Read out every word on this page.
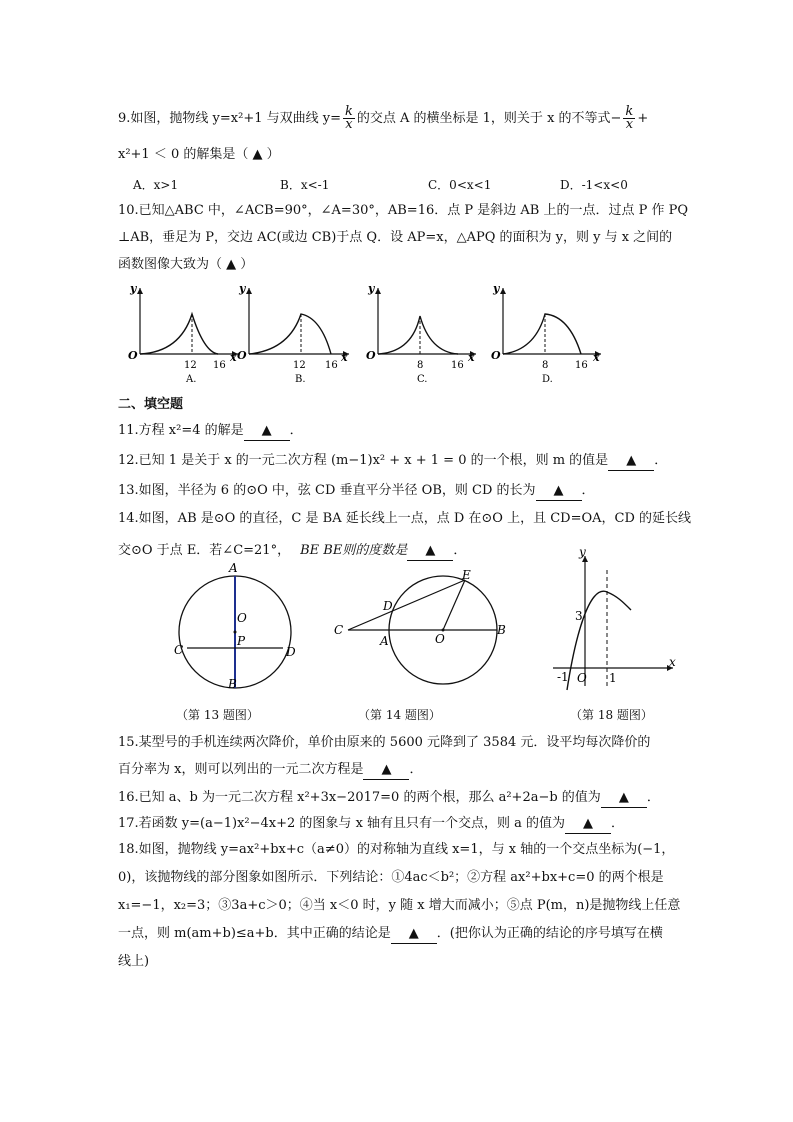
9.如图，抛物线 y=x²+1 与双曲线 $y= \frac{k}{x}$ 的交点 A 的横坐标是 1，则关于 x 的不等式− $\frac{k}{x}$ +
x²+1 ＜ 0 的解集是（ ▲ ）
A．x>1	B．x<-1	C．0<x<1	D．-1<x<0
10.已知△ABC 中，∠ACB=90°，∠A=30°，AB=16．点 P 是斜边 AB 上的一点．过点 P 作 PQ
⊥AB，垂足为 P，交边 AC(或边 CB)于点 Q．设 AP=x，△APQ 的面积为 y，则 y 与 x 之间的
函数图像大致为（ ▲ ）
y
O	x
12 16
A.
y
O	x
12 16
B.
y
O	x
8	16
C.
y
O	x
8	16
D.
二、填空题
11.方程 x²=4 的解是 ▲ ．
12.已知 1 是关于 x 的一元二次方程 (m−1)x² + x + 1 = 0 的一个根，则 m 的值是 ▲ ．
13.如图，半径为 6 的⊙O 中，弦 CD 垂直平分半径 OB，则 CD 的长为 ▲ ．
14.如图，AB 是⊙O 的直径，C 是 BA 延长线上一点，点 D 在⊙O 上，且 CD=OA，CD 的延长线
交⊙O 于点 E．若∠C=21°， BE BE则的度数是 ▲ ．
A
O
P
C	D
B
（第 13 题图）
C
A
D
O
B
E
（第 14 题图）
y
x
3
-1 O 1
（第 18 题图）
15.某型号的手机连续两次降价，单价由原来的 5600 元降到了 3584 元．设平均每次降价的
百分率为 x，则可以列出的一元二次方程是 ▲ ．
16.已知 a、b 为一元二次方程 x²+3x−2017=0 的两个根，那么 a²+2a−b 的值为 ▲ ．
17.若函数 y=(a−1)x²−4x+2 的图象与 x 轴有且只有一个交点，则 a 的值为 ▲ ．
18.如图，抛物线 y=ax²+bx+c（a≠0）的对称轴为直线 x=1，与 x 轴的一个交点坐标为(−1，
0)，该抛物线的部分图象如图所示．下列结论：①4ac＜b²；②方程 ax²+bx+c=0 的两个根是
x₁=−1，x₂=3；③3a+c＞0；④当 x＜0 时，y 随 x 增大而减小；⑤点 P(m，n)是抛物线上任意
一点，则 m(am+b)≤a+b．其中正确的结论是 ▲ ．(把你认为正确的结论的序号填写在横
线上)
